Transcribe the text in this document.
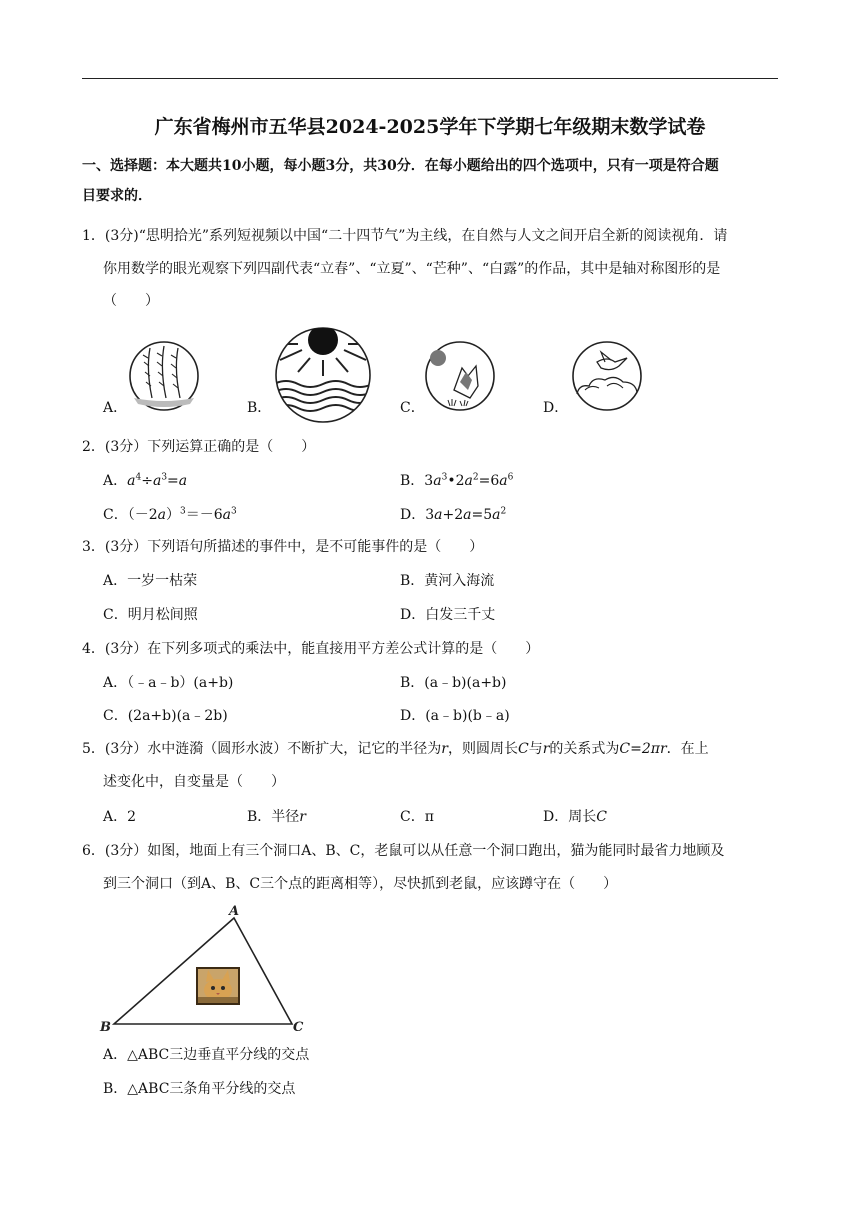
广东省梅州市五华县2024-2025学年下学期七年级期末数学试卷
一、选择题：本大题共10小题，每小题3分，共30分．在每小题给出的四个选项中，只有一项是符合题
目要求的．
1．(3分)“思明拾光”系列短视频以中国“二十四节气”为主线，在自然与人文之间开启全新的阅读视角．请
你用数学的眼光观察下列四副代表“立春”、“立夏”、“芒种”、“白露”的作品，其中是轴对称图形的是
（　　）
A．	B．	C．	D．
2．(3分）下列运算正确的是（　　）
A．$a^4\div a^3=a$	B．$3a^3•2a^2=6a^6$
C．$(-2a)^3=-6a^3$	D．$3a+2a=5a^2$
3．(3分）下列语句所描述的事件中，是不可能事件的是（　　）
A．一岁一枯荣	B．黄河入海流
C．明月松间照	D．白发三千丈
4．(3分）在下列多项式的乘法中，能直接用平方差公式计算的是（　　）
A．（﹣a﹣b）(a+b)	B．(a﹣b)(a+b)
C．(2a+b)(a﹣2b)	D．(a﹣b)(b﹣a)
5．(3分）水中涟漪（圆形水波）不断扩大，记它的半径为r，则圆周长C与r的关系式为C=2πr．在上
述变化中，自变量是（　　）
A．2	B．半径r	C．π	D．周长C
6．(3分）如图，地面上有三个洞口A、B、C，老鼠可以从任意一个洞口跑出，猫为能同时最省力地顾及
到三个洞口（到A、B、C三个点的距离相等），尽快抓到老鼠，应该蹲守在（　　）
A
B	C
A．△ABC三边垂直平分线的交点
B．△ABC三条角平分线的交点
